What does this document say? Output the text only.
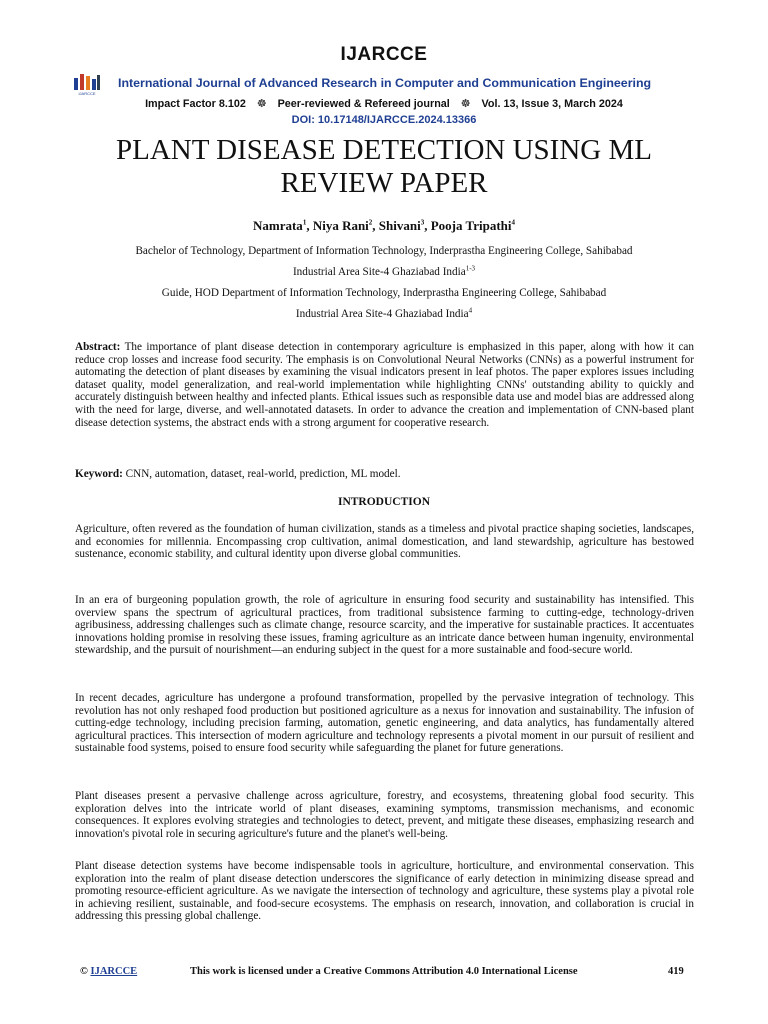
IJARCCE
IJARCCE
International Journal of Advanced Research in Computer and Communication Engineering
Impact Factor 8.102 ☸ Peer-reviewed & Refereed journal ☸ Vol. 13, Issue 3, March 2024
DOI: 10.17148/IJARCCE.2024.13366
PLANT DISEASE DETECTION USING ML
REVIEW PAPER
Namrata$^1$, Niya Rani$^2$, Shivani$^3$, Pooja Tripathi$^4$
Bachelor of Technology, Department of Information Technology, Inderprastha Engineering College, Sahibabad
Industrial Area Site-4 Ghaziabad India$^{1-3}$
Guide, HOD Department of Information Technology, Inderprastha Engineering College, Sahibabad
Industrial Area Site-4 Ghaziabad India$^4$
Abstract: The importance of plant disease detection in contemporary agriculture is emphasized in this paper, along with how it can reduce crop losses and increase food security. The emphasis is on Convolutional Neural Networks (CNNs) as a powerful instrument for automating the detection of plant diseases by examining the visual indicators present in leaf photos. The paper explores issues including dataset quality, model generalization, and real-world implementation while highlighting CNNs' outstanding ability to quickly and accurately distinguish between healthy and infected plants. Ethical issues such as responsible data use and model bias are addressed along with the need for large, diverse, and well-annotated datasets. In order to advance the creation and implementation of CNN-based plant disease detection systems, the abstract ends with a strong argument for cooperative research.
Keyword: CNN, automation, dataset, real-world, prediction, ML model.
INTRODUCTION
Agriculture, often revered as the foundation of human civilization, stands as a timeless and pivotal practice shaping societies, landscapes, and economies for millennia. Encompassing crop cultivation, animal domestication, and land stewardship, agriculture has bestowed sustenance, economic stability, and cultural identity upon diverse global communities.
In an era of burgeoning population growth, the role of agriculture in ensuring food security and sustainability has intensified. This overview spans the spectrum of agricultural practices, from traditional subsistence farming to cutting-edge, technology-driven agribusiness, addressing challenges such as climate change, resource scarcity, and the imperative for sustainable practices. It accentuates innovations holding promise in resolving these issues, framing agriculture as an intricate dance between human ingenuity, environmental stewardship, and the pursuit of nourishment—an enduring subject in the quest for a more sustainable and food-secure world.
In recent decades, agriculture has undergone a profound transformation, propelled by the pervasive integration of technology. This revolution has not only reshaped food production but positioned agriculture as a nexus for innovation and sustainability. The infusion of cutting-edge technology, including precision farming, automation, genetic engineering, and data analytics, has fundamentally altered agricultural practices. This intersection of modern agriculture and technology represents a pivotal moment in our pursuit of resilient and sustainable food systems, poised to ensure food security while safeguarding the planet for future generations.
Plant diseases present a pervasive challenge across agriculture, forestry, and ecosystems, threatening global food security. This exploration delves into the intricate world of plant diseases, examining symptoms, transmission mechanisms, and economic consequences. It explores evolving strategies and technologies to detect, prevent, and mitigate these diseases, emphasizing research and innovation's pivotal role in securing agriculture's future and the planet's well-being.
Plant disease detection systems have become indispensable tools in agriculture, horticulture, and environmental conservation. This exploration into the realm of plant disease detection underscores the significance of early detection in minimizing disease spread and promoting resource-efficient agriculture. As we navigate the intersection of technology and agriculture, these systems play a pivotal role in achieving resilient, sustainable, and food-secure ecosystems. The emphasis on research, innovation, and collaboration is crucial in addressing this pressing global challenge.
© IJARCCE	This work is licensed under a Creative Commons Attribution 4.0 International License	419
